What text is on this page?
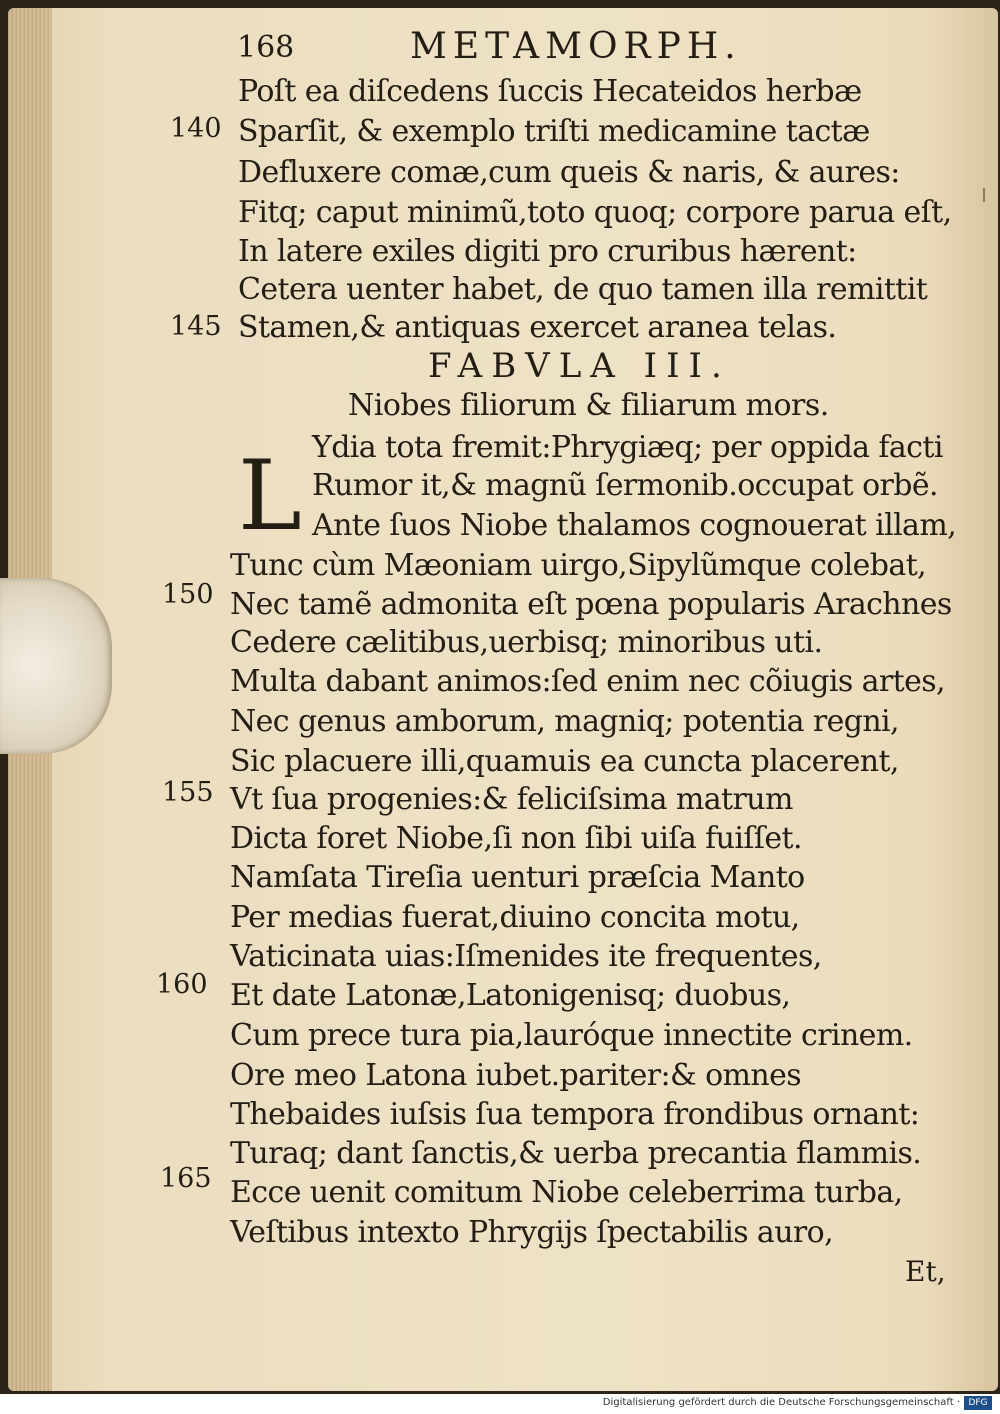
168	METAMORPH.
Poſt ea diſcedens ſuccis Hecateidos herbæ
Sparſit, & exemplo triſti medicamine tactæ
Defluxere comæ,cum queis & naris, & aures:
Fitq; caput minimũ,toto quoq; corpore parua eſt,
In latere exiles digiti pro cruribus hærent:
Cetera uenter habet, de quo tamen illa remittit
Stamen,& antiquas exercet aranea telas.
FABVLA III.
Niobes filiorum & filiarum mors.
L Ydia tota fremit:Phrygiæq; per oppida facti
Rumor it,& magnũ ſermonib.occupat orbẽ.
Ante ſuos Niobe thalamos cognouerat illam,
Tunc cùm Mæoniam uirgo,Sipylũmque colebat,
Nec tamẽ admonita eſt pœna popularis Arachnes
Cedere cælitibus,uerbisq; minoribus uti.
Multa dabant animos:ſed enim nec cõiugis artes,
Nec genus amborum, magniq; potentia regni,
Sic placuere illi,quamuis ea cuncta placerent,
Vt ſua progenies:& feliciſsima matrum
Dicta foret Niobe,ſi non ſibi uiſa fuiſſet.
Namſata Tireſia uenturi præſcia Manto
Per medias fuerat,diuino concita motu,
Vaticinata uias:Iſmenides ite frequentes,
Et date Latonæ,Latonigenisq; duobus,
Cum prece tura pia,lauróque innectite crinem.
Ore meo Latona iubet.pariter:& omnes
Thebaides iuſsis ſua tempora frondibus ornant:
Turaq; dant ſanctis,& uerba precantia flammis.
Ecce uenit comitum Niobe celeberrima turba,
Veſtibus intexto Phrygijs ſpectabilis auro,
140
145
150
155
160
165
Et,
Digitalisierung gefördert durch die Deutsche Forschungsgemeinschaft · DFG
